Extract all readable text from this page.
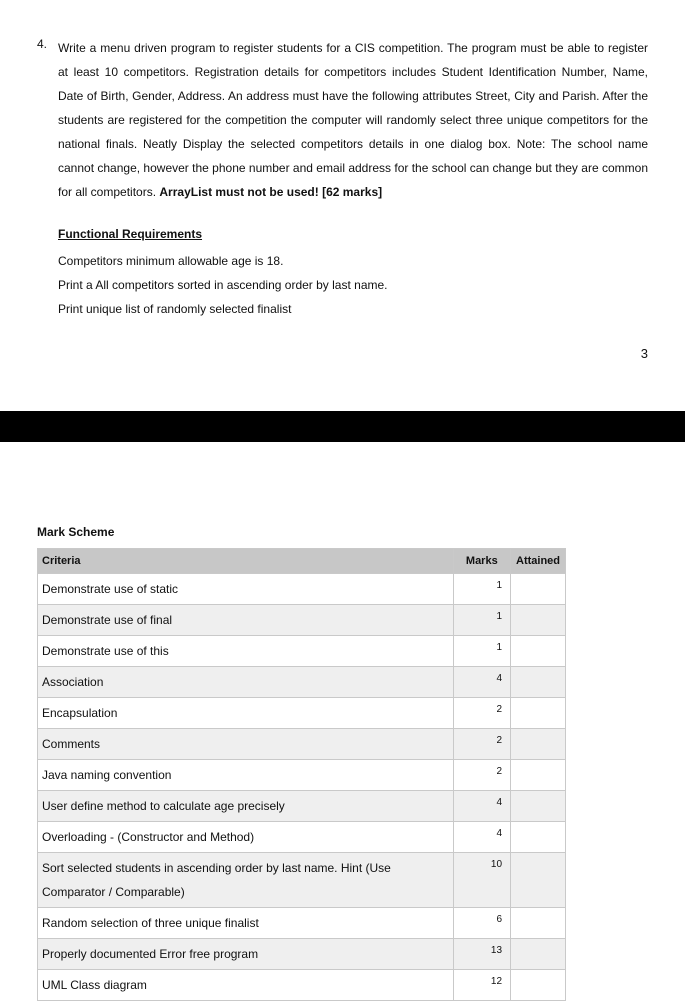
4. Write a menu driven program to register students for a CIS competition. The program must be able to register at least 10 competitors. Registration details for competitors includes Student Identification Number, Name, Date of Birth, Gender, Address. An address must have the following attributes Street, City and Parish. After the students are registered for the competition the computer will randomly select three unique competitors for the national finals. Neatly Display the selected competitors details in one dialog box. Note: The school name cannot change, however the phone number and email address for the school can change but they are common for all competitors. ArrayList must not be used! [62 marks]
Functional Requirements
Competitors minimum allowable age is 18.
Print a All competitors sorted in ascending order by last name.
Print unique list of randomly selected finalist
3
Mark Scheme
Criteria	Marks	Attained
Demonstrate use of static	1	
Demonstrate use of final	1	
Demonstrate use of this	1	
Association	4	
Encapsulation	2	
Comments	2	
Java naming convention	2	
User define method to calculate age precisely	4	
Overloading - (Constructor and Method)	4	
Sort selected students in ascending order by last name. Hint (Use Comparator / Comparable)	10	
Random selection of three unique finalist	6	
Properly documented Error free program	13	
UML Class diagram	12	
